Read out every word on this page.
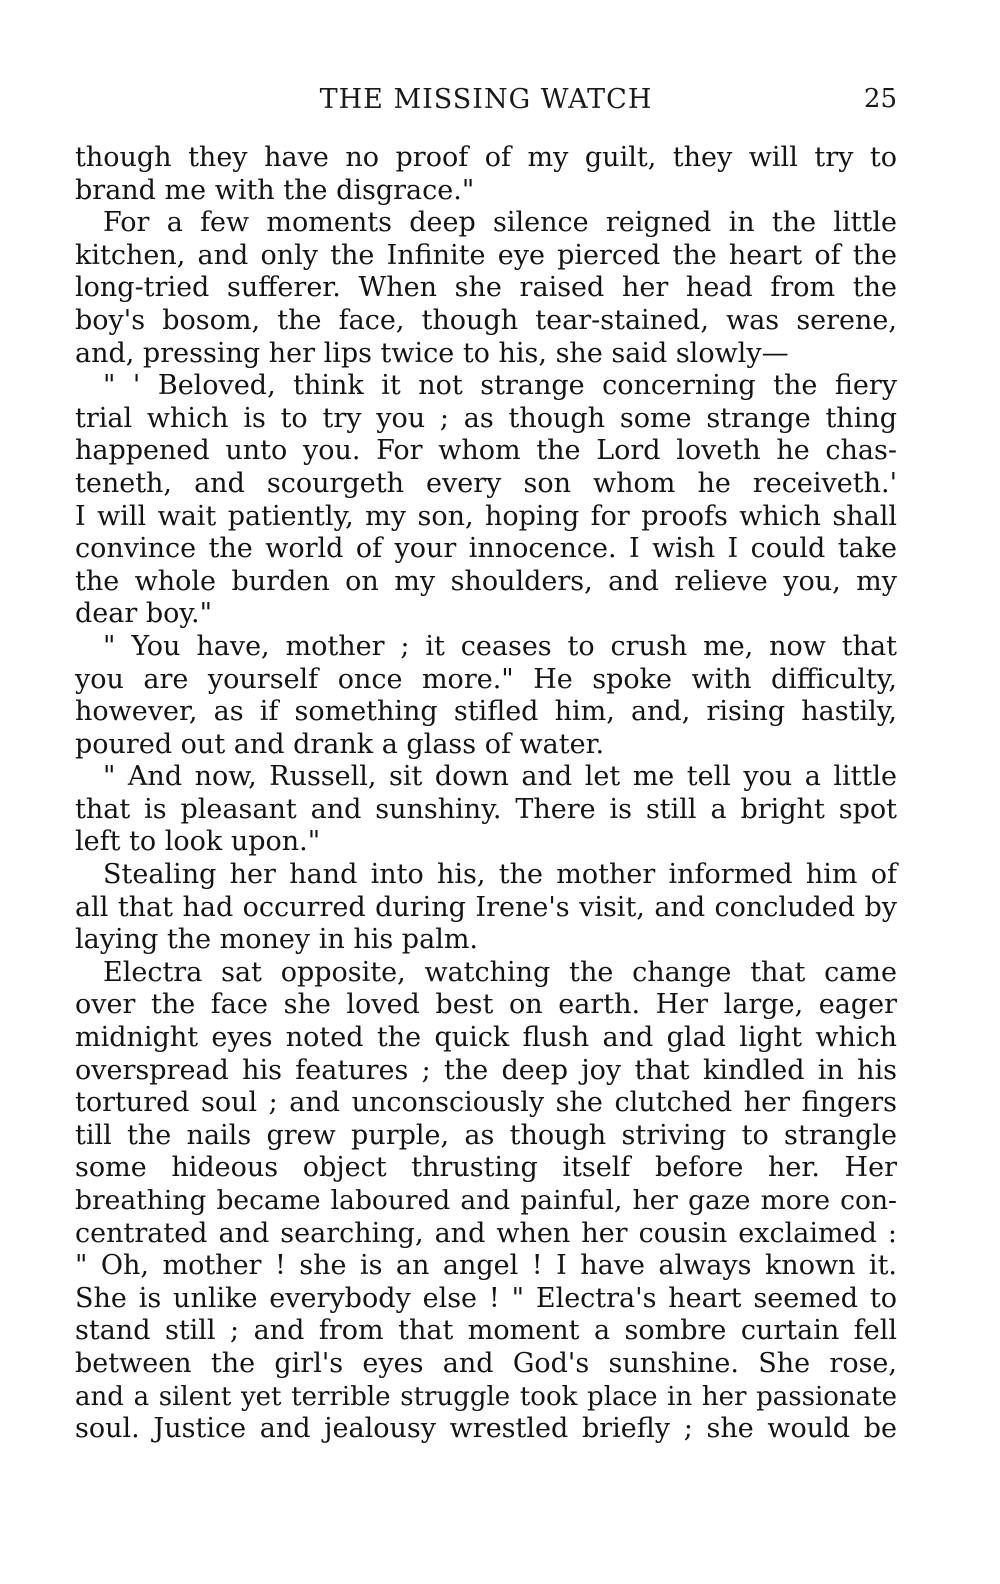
THE MISSING WATCH	25
though they have no proof of my guilt, they will try to
brand me with the disgrace."
For a few moments deep silence reigned in the little
kitchen, and only the Infinite eye pierced the heart of the
long-tried sufferer. When she raised her head from the
boy's bosom, the face, though tear-stained, was serene,
and, pressing her lips twice to his, she said slowly—
" ' Beloved, think it not strange concerning the fiery
trial which is to try you ; as though some strange thing
happened unto you. For whom the Lord loveth he chas-
teneth, and scourgeth every son whom he receiveth.'
I will wait patiently, my son, hoping for proofs which shall
convince the world of your innocence. I wish I could take
the whole burden on my shoulders, and relieve you, my
dear boy."
" You have, mother ; it ceases to crush me, now that
you are yourself once more." He spoke with difficulty,
however, as if something stifled him, and, rising hastily,
poured out and drank a glass of water.
" And now, Russell, sit down and let me tell you a little
that is pleasant and sunshiny. There is still a bright spot
left to look upon."
Stealing her hand into his, the mother informed him of
all that had occurred during Irene's visit, and concluded by
laying the money in his palm.
Electra sat opposite, watching the change that came
over the face she loved best on earth. Her large, eager
midnight eyes noted the quick flush and glad light which
overspread his features ; the deep joy that kindled in his
tortured soul ; and unconsciously she clutched her fingers
till the nails grew purple, as though striving to strangle
some hideous object thrusting itself before her. Her
breathing became laboured and painful, her gaze more con-
centrated and searching, and when her cousin exclaimed :
" Oh, mother ! she is an angel ! I have always known it.
She is unlike everybody else ! " Electra's heart seemed to
stand still ; and from that moment a sombre curtain fell
between the girl's eyes and God's sunshine. She rose,
and a silent yet terrible struggle took place in her passionate
soul. Justice and jealousy wrestled briefly ; she would be
